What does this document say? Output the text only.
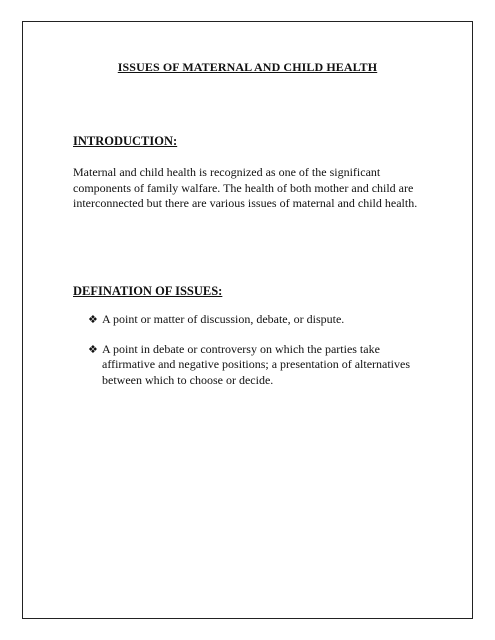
ISSUES OF MATERNAL AND CHILD HEALTH
INTRODUCTION:
Maternal and child health is recognized as one of the significant components of family walfare. The health of both mother and child are interconnected but there are various issues of maternal and child health.
DEFINATION OF ISSUES:
❖ A point or matter of discussion, debate, or dispute.
❖ A point in debate or controversy on which the parties take affirmative and negative positions; a presentation of alternatives between which to choose or decide.
